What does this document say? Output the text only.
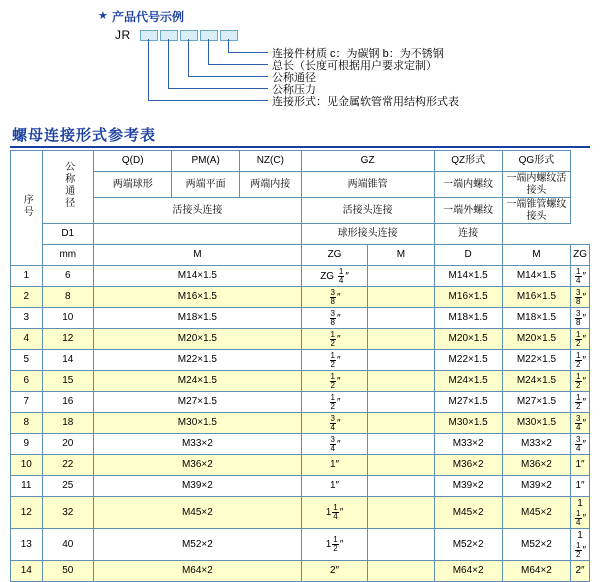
★ 产品代号示例
JR
连接件材质 c：为碳钢 b：为不锈钢
总长（长度可根据用户要求定制）
公称通径
公称压力
连接形式：见金属软管常用结构形式表
螺母连接形式参考表
序号	公称通径	Q(D)	PM(A)	NZ(C)	GZ		QZ形式	QG形式	
		两端球形	两端平面	两端内接	两端锥管		一端内螺纹	一端内螺纹活接头	
		活接头连接			活接头连接		一端外螺纹	一端锥管螺纹接头	
	D1				球形接头连接		连接		
	mm	M			ZG	M	D	M	ZG
1	6	M14×1.5			ZG $\frac{1}{4}$ ″		M14×1.5	M14×1.5	$\frac{1}{4}$ ″
2	8	M16×1.5			$\frac{3}{8}$ ″		M16×1.5	M16×1.5	$\frac{3}{8}$ ″
3	10	M18×1.5			$\frac{3}{8}$ ″		M18×1.5	M18×1.5	$\frac{3}{8}$ ″
4	12	M20×1.5			$\frac{1}{2}$ ″		M20×1.5	M20×1.5	$\frac{1}{2}$ ″
5	14	M22×1.5			$\frac{1}{2}$ ″		M22×1.5	M22×1.5	$\frac{1}{2}$ ″
6	15	M24×1.5			$\frac{1}{2}$ ″		M24×1.5	M24×1.5	$\frac{1}{2}$ ″
7	16	M27×1.5			$\frac{1}{2}$ ″		M27×1.5	M27×1.5	$\frac{1}{2}$ ″
8	18	M30×1.5			$\frac{3}{4}$ ″		M30×1.5	M30×1.5	$\frac{3}{4}$ ″
9	20	M33×2			$\frac{3}{4}$ ″		M33×2	M33×2	$\frac{3}{4}$ ″
10	22	M36×2			1″		M36×2	M36×2	1″
11	25	M39×2			1″		M39×2	M39×2	1″
12	32	M45×2			$1 \frac{1}{4}$ ″		M45×2	M45×2	1
$\frac{1}{4}$ ″
13	40	M52×2			$1 \frac{1}{2}$ ″		M52×2	M52×2	1
$\frac{1}{2}$ ″
14	50	M64×2			2″		M64×2	M64×2	2″
